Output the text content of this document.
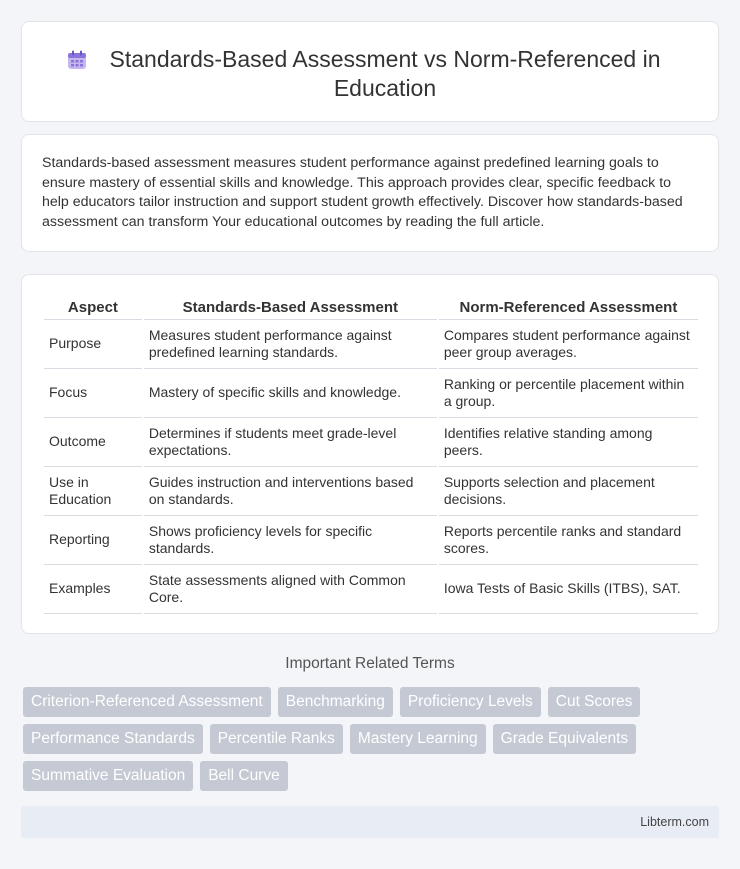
Standards-Based Assessment vs Norm-Referenced in Education

Standards-based assessment measures student performance against predefined learning goals to ensure mastery of essential skills and knowledge. This approach provides clear, specific feedback to help educators tailor instruction and support student growth effectively. Discover how standards-based assessment can transform Your educational outcomes by reading the full article.

Aspect	Standards-Based Assessment	Norm-Referenced Assessment
Purpose	Measures student performance against predefined learning standards.	Compares student performance against peer group averages.
Focus	Mastery of specific skills and knowledge.	Ranking or percentile placement within a group.
Outcome	Determines if students meet grade-level expectations.	Identifies relative standing among peers.
Use in Education	Guides instruction and interventions based on standards.	Supports selection and placement decisions.
Reporting	Shows proficiency levels for specific standards.	Reports percentile ranks and standard scores.
Examples	State assessments aligned with Common Core.	Iowa Tests of Basic Skills (ITBS), SAT.
Important Related Terms
Criterion-Referenced Assessment	Benchmarking	Proficiency Levels	Cut Scores
Performance Standards	Percentile Ranks	Mastery Learning	Grade Equivalents
Summative Evaluation	Bell Curve
Libterm.com
